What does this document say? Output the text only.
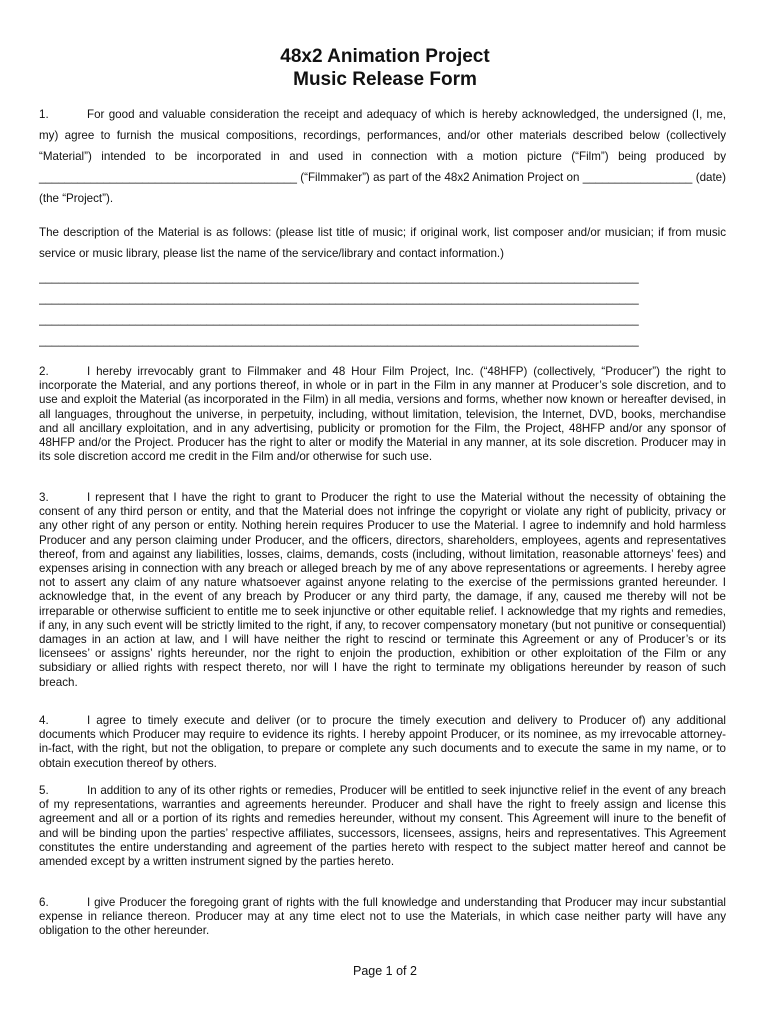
48x2 Animation Project
Music Release Form
1.	For good and valuable consideration the receipt and adequacy of which is hereby acknowledged, the undersigned (I, me, my) agree to furnish the musical compositions, recordings, performances, and/or other materials described below (collectively “Material”) intended to be incorporated in and used in connection with a motion picture (“Film”) being produced by ________________________________________ (“Filmmaker”) as part of the 48x2 Animation Project on _________________ (date) (the “Project”).
The description of the Material is as follows: (please list title of music; if original work, list composer and/or musician; if from music service or music library, please list the name of the service/library and contact information.)
_____________________________________________________________________________________________
_____________________________________________________________________________________________
_____________________________________________________________________________________________
_____________________________________________________________________________________________
2.	I hereby irrevocably grant to Filmmaker and 48 Hour Film Project, Inc. (“48HFP) (collectively, “Producer”) the right to incorporate the Material, and any portions thereof, in whole or in part in the Film in any manner at Producer’s sole discretion, and to use and exploit the Material (as incorporated in the Film) in all media, versions and forms, whether now known or hereafter devised, in all languages, throughout the universe, in perpetuity, including, without limitation, television, the Internet, DVD, books, merchandise and all ancillary exploitation, and in any advertising, publicity or promotion for the Film, the Project, 48HFP and/or any sponsor of 48HFP and/or the Project. Producer has the right to alter or modify the Material in any manner, at its sole discretion. Producer may in its sole discretion accord me credit in the Film and/or otherwise for such use.
3.	I represent that I have the right to grant to Producer the right to use the Material without the necessity of obtaining the consent of any third person or entity, and that the Material does not infringe the copyright or violate any right of publicity, privacy or any other right of any person or entity. Nothing herein requires Producer to use the Material. I agree to indemnify and hold harmless Producer and any person claiming under Producer, and the officers, directors, shareholders, employees, agents and representatives thereof, from and against any liabilities, losses, claims, demands, costs (including, without limitation, reasonable attorneys’ fees) and expenses arising in connection with any breach or alleged breach by me of any above representations or agreements. I hereby agree not to assert any claim of any nature whatsoever against anyone relating to the exercise of the permissions granted hereunder. I acknowledge that, in the event of any breach by Producer or any third party, the damage, if any, caused me thereby will not be irreparable or otherwise sufficient to entitle me to seek injunctive or other equitable relief. I acknowledge that my rights and remedies, if any, in any such event will be strictly limited to the right, if any, to recover compensatory monetary (but not punitive or consequential) damages in an action at law, and I will have neither the right to rescind or terminate this Agreement or any of Producer’s or its licensees’ or assigns’ rights hereunder, nor the right to enjoin the production, exhibition or other exploitation of the Film or any subsidiary or allied rights with respect thereto, nor will I have the right to terminate my obligations hereunder by reason of such breach.
4.	I agree to timely execute and deliver (or to procure the timely execution and delivery to Producer of) any additional documents which Producer may require to evidence its rights. I hereby appoint Producer, or its nominee, as my irrevocable attorney-in-fact, with the right, but not the obligation, to prepare or complete any such documents and to execute the same in my name, or to obtain execution thereof by others.
5.	In addition to any of its other rights or remedies, Producer will be entitled to seek injunctive relief in the event of any breach of my representations, warranties and agreements hereunder. Producer and shall have the right to freely assign and license this agreement and all or a portion of its rights and remedies hereunder, without my consent. This Agreement will inure to the benefit of and will be binding upon the parties’ respective affiliates, successors, licensees, assigns, heirs and representatives. This Agreement constitutes the entire understanding and agreement of the parties hereto with respect to the subject matter hereof and cannot be amended except by a written instrument signed by the parties hereto.
6.	I give Producer the foregoing grant of rights with the full knowledge and understanding that Producer may incur substantial expense in reliance thereon. Producer may at any time elect not to use the Materials, in which case neither party will have any obligation to the other hereunder.
Page 1 of 2
